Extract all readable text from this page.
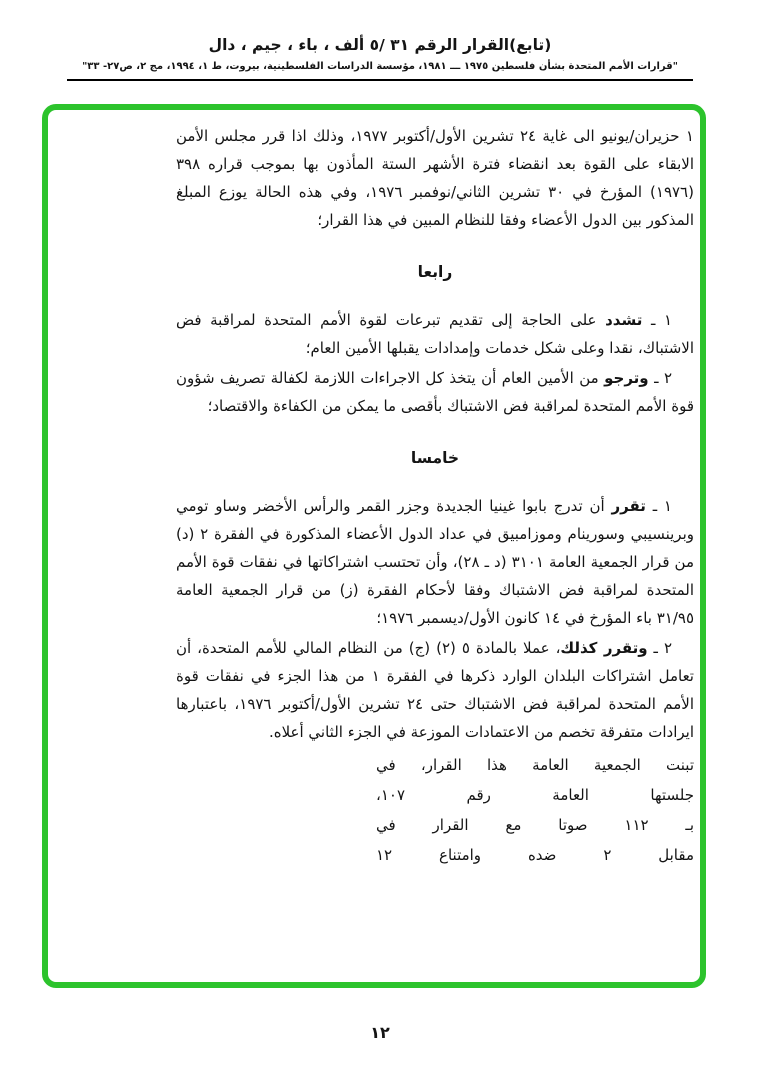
(تابع)القرار الرقم ٣١ /٥ ألف ، باء ، جيم ، دال
"قرارات الأمم المتحدة بشأن فلسطين ١٩٧٥ ـــ ١٩٨١، مؤسسة الدراسات الفلسطينية، بيروت، ط ١، ١٩٩٤، مج ٢، ص٢٧- ٣٣"

١ حزيران/يونيو الى غاية ٢٤ تشرين الأول/أكتوبر ١٩٧٧، وذلك اذا قرر مجلس الأمن الابقاء على القوة بعد انقضاء فترة الأشهر الستة المأذون بها بموجب قراره ٣٩٨ (١٩٧٦) المؤرخ في ٣٠ تشرين الثاني/نوفمبر ١٩٧٦، وفي هذه الحالة يوزع المبلغ المذكور بين الدول الأعضاء وفقا للنظام المبين في هذا القرار؛

رابعا

١ ـ تشدد على الحاجة إلى تقديم تبرعات لقوة الأمم المتحدة لمراقبة فض الاشتباك، نقدا وعلى شكل خدمات وإمدادات يقبلها الأمين العام؛

٢ ـ وترجو من الأمين العام أن يتخذ كل الاجراءات اللازمة لكفالة تصريف شؤون قوة الأمم المتحدة لمراقبة فض الاشتباك بأقصى ما يمكن من الكفاءة والاقتصاد؛

خامسا

١ ـ تقرر أن تدرج بابوا غينيا الجديدة وجزر القمر والرأس الأخضر وساو تومي وبرينسيبي وسورينام وموزامبيق في عداد الدول الأعضاء المذكورة في الفقرة ٢ (د) من قرار الجمعية العامة ٣١٠١ (د ـ ٢٨)، وأن تحتسب اشتراكاتها في نفقات قوة الأمم المتحدة لمراقبة فض الاشتباك وفقا لأحكام الفقرة (ز) من قرار الجمعية العامة ٣١/٩٥ باء المؤرخ في ١٤ كانون الأول/ديسمبر ١٩٧٦؛

٢ ـ وتقرر كذلك، عملا بالمادة ٥ (٢) (ج) من النظام المالي للأمم المتحدة، أن تعامل اشتراكات البلدان الوارد ذكرها في الفقرة ١ من هذا الجزء في نفقات قوة الأمم المتحدة لمراقبة فض الاشتباك حتى ٢٤ تشرين الأول/أكتوبر ١٩٧٦، باعتبارها ايرادات متفرقة تخصم من الاعتمادات الموزعة في الجزء الثاني أعلاه.

تبنت الجمعية العامة هذا القرار، في
جلستها العامة رقم ١٠٧،
بـ ١١٢ صوتا مع القرار في
مقابل ٢ ضده وامتناع ١٢
١٢
